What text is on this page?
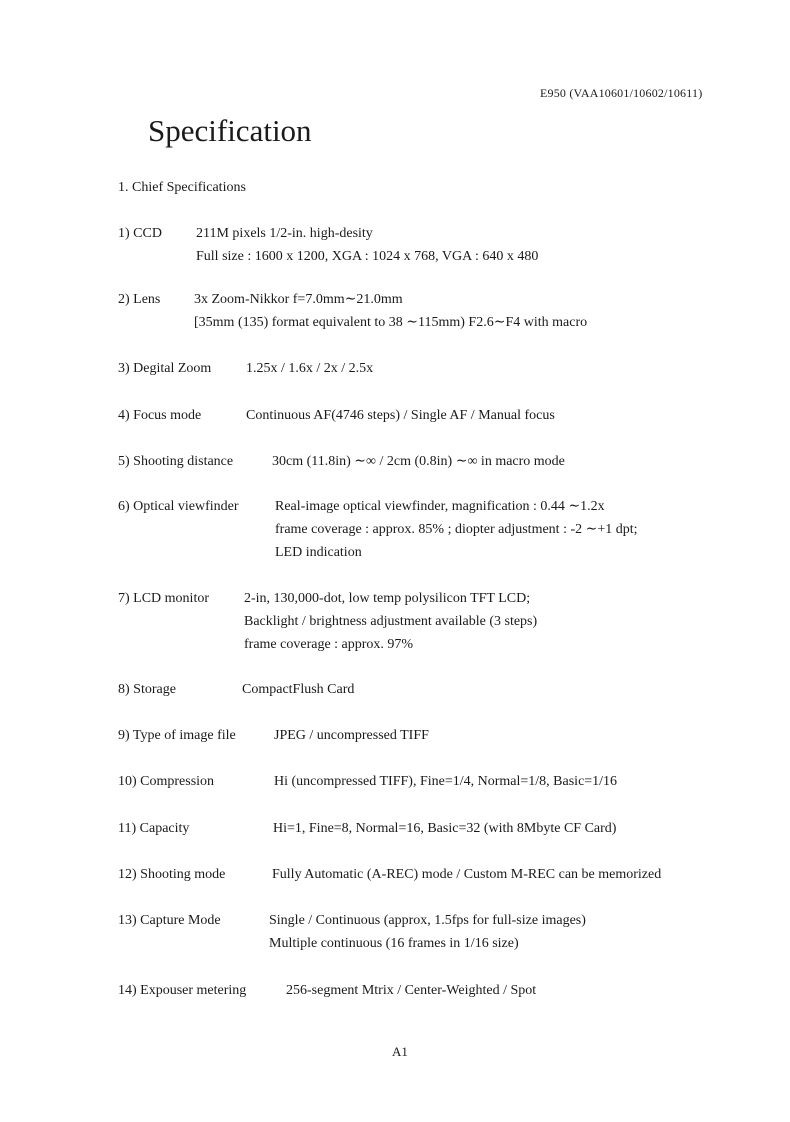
E950 (VAA10601/10602/10611)
Specification
1. Chief Specifications
1) CCD 211M pixels 1/2-in. high-desity
Full size : 1600 x 1200, XGA : 1024 x 768, VGA : 640 x 480
2) Lens 3x Zoom-Nikkor f=7.0mm∼21.0mm
[35mm (135) format equivalent to 38 ∼115mm) F2.6∼F4 with macro
3) Degital Zoom 1.25x / 1.6x / 2x / 2.5x
4) Focus mode	Continuous AF(4746 steps) / Single AF / Manual focus
5) Shooting distance	30cm (11.8in) ∼∞ / 2cm (0.8in) ∼∞ in macro mode
6) Optical viewfinder	Real-image optical viewfinder, magnification : 0.44 ∼1.2x
frame coverage : approx. 85% ; diopter adjustment : -2 ∼+1 dpt;
LED indication
7) LCD monitor	2-in, 130,000-dot, low temp polysilicon TFT LCD;
Backlight / brightness adjustment available (3 steps)
frame coverage : approx. 97%
8) Storage	CompactFlush Card
9) Type of image file	JPEG / uncompressed TIFF
10) Compression	Hi (uncompressed TIFF), Fine=1/4, Normal=1/8, Basic=1/16
11) Capacity	Hi=1, Fine=8, Normal=16, Basic=32 (with 8Mbyte CF Card)
12) Shooting mode	Fully Automatic (A-REC) mode / Custom M-REC can be memorized
13) Capture Mode	Single / Continuous (approx, 1.5fps for full-size images)
Multiple continuous (16 frames in 1/16 size)
14) Expouser metering	256-segment Mtrix / Center-Weighted / Spot
A1
